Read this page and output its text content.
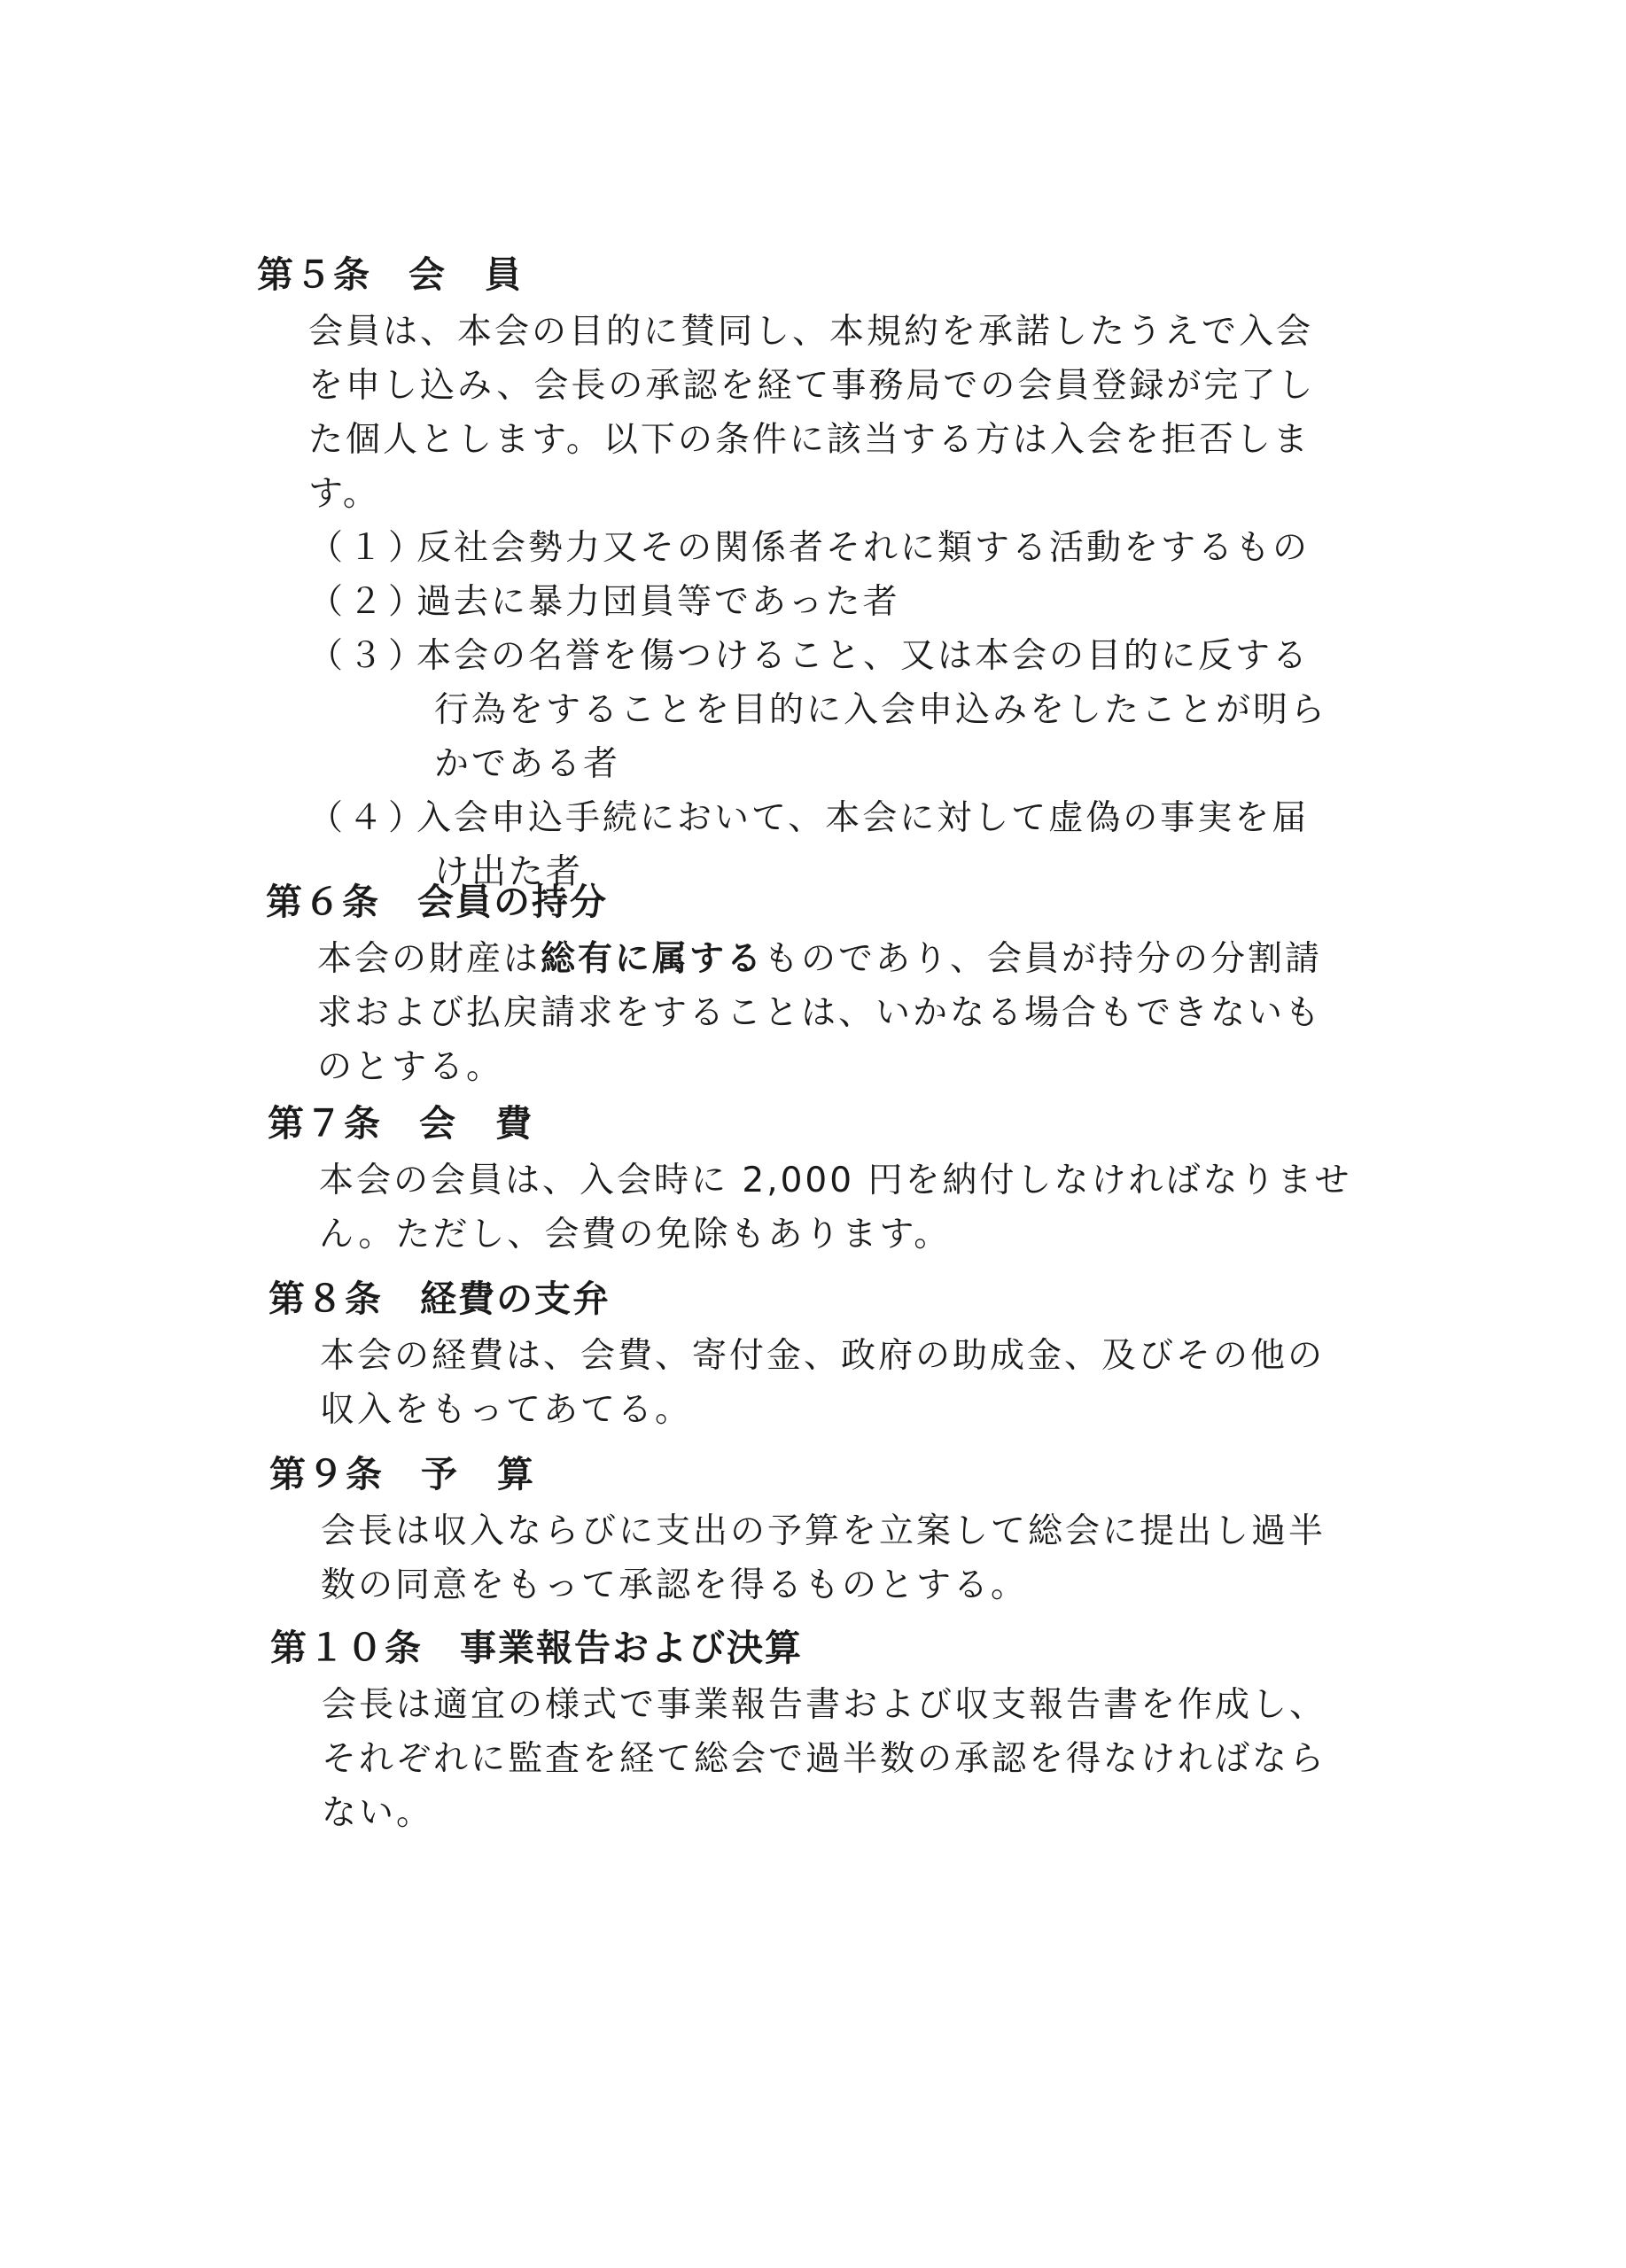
第５条 会　員
会員は、本会の目的に賛同し、本規約を承諾したうえで入会
を申し込み、会長の承認を経て事務局での会員登録が完了し
た個人とします。以下の条件に該当する方は入会を拒否しま
す。
（１）反社会勢力又その関係者それに類する活動をするもの
（２）過去に暴力団員等であった者
（３）本会の名誉を傷つけること、又は本会の目的に反する
行為をすることを目的に入会申込みをしたことが明ら
かである者
（４）入会申込手続において、本会に対して虚偽の事実を届
け出た者
第６条 会員の持分
本会の財産は総有に属するものであり、会員が持分の分割請
求および払戻請求をすることは、いかなる場合もできないも
のとする。
第７条 会　費
本会の会員は、入会時に 2,000 円を納付しなければなりませ
ん。ただし、会費の免除もあります。
第８条 経費の支弁
本会の経費は、会費、寄付金、政府の助成金、及びその他の
収入をもってあてる。
第９条 予　算
会長は収入ならびに支出の予算を立案して総会に提出し過半
数の同意をもって承認を得るものとする。
第１０条 事業報告および決算
会長は適宜の様式で事業報告書および収支報告書を作成し、
それぞれに監査を経て総会で過半数の承認を得なければなら
ない。
